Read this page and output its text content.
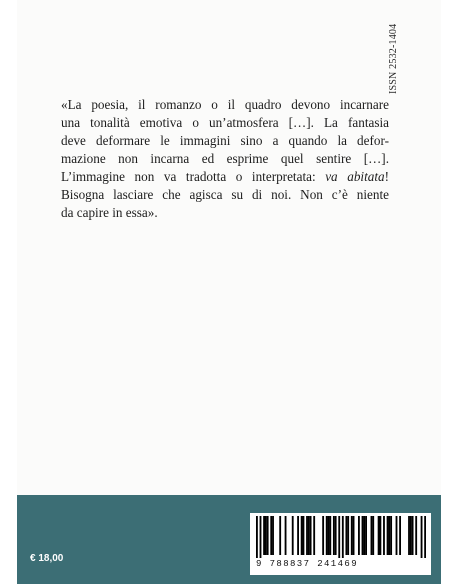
ISSN 2532-1404
«La poesia, il romanzo o il quadro devono incarnare
una tonalità emotiva o un’atmosfera […]. La fantasia
deve deformare le immagini sino a quando la defor-
mazione non incarna ed esprime quel sentire […].
L’immagine non va tradotta o interpretata: va abitata!
Bisogna lasciare che agisca su di noi. Non c’è niente
da capire in essa».
€ 18,00	9 788837 241469
